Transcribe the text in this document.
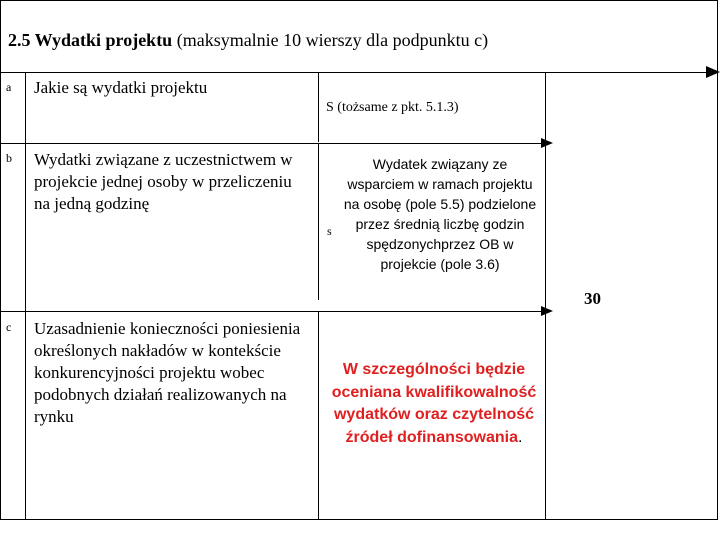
2.5 Wydatki projektu (maksymalnie 10 wierszy dla podpunktu c)
a Jakie są wydatki projektu
S (tożsame z pkt. 5.1.3)
b Wydatki związane z uczestnictwem w projekcie jednej osoby w przeliczeniu na jedną godzinę
s
Wydatek związany ze wsparciem w ramach projektu na osobę (pole 5.5) podzielone przez średnią liczbę godzin spędzonychprzez OB w projekcie (pole 3.6)
30
c Uzasadnienie konieczności poniesienia określonych nakładów w kontekście konkurencyjności projektu wobec podobnych działań realizowanych na rynku
W szczególności będzie oceniana kwalifikowalność wydatków oraz czytelność źródeł dofinansowania.
